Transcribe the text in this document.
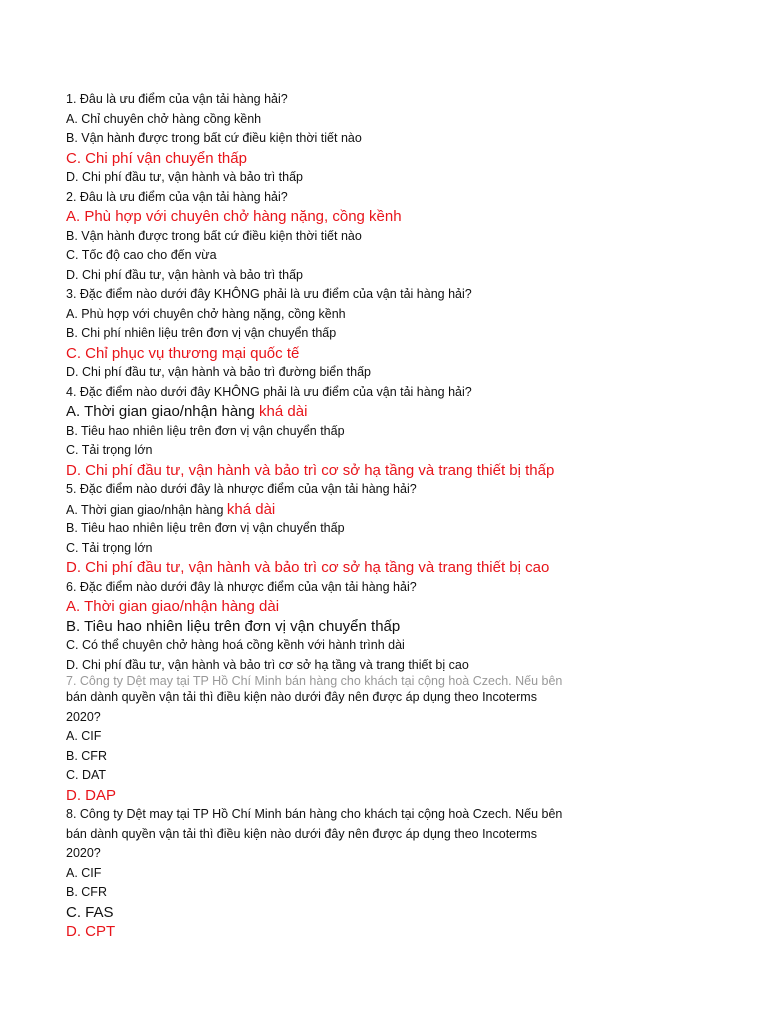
1. Đâu là ưu điểm của vận tải hàng hải?

A. Chỉ chuyên chở hàng cồng kềnh

B. Vận hành được trong bất cứ điều kiện thời tiết nào

C. Chi phí vận chuyển thấp

D. Chi phí đầu tư, vận hành và bảo trì thấp

2. Đâu là ưu điểm của vận tải hàng hải?

A. Phù hợp với chuyên chở hàng nặng, cồng kềnh

B. Vận hành được trong bất cứ điều kiện thời tiết nào

C. Tốc độ cao cho đến vừa

D. Chi phí đầu tư, vận hành và bảo trì thấp

3. Đặc điểm nào dưới đây KHÔNG phải là ưu điểm của vận tải hàng hải?

A. Phù hợp với chuyên chở hàng nặng, cồng kềnh

B. Chi phí nhiên liệu trên đơn vị vận chuyển thấp

C. Chỉ phục vụ thương mại quốc tế

D. Chi phí đầu tư, vận hành và bảo trì đường biển thấp

4. Đặc điểm nào dưới đây KHÔNG phải là ưu điểm của vận tải hàng hải?

A. Thời gian giao/nhận hàng khá dài

B. Tiêu hao nhiên liệu trên đơn vị vận chuyển thấp

C. Tải trọng lớn

D. Chi phí đầu tư, vận hành và bảo trì cơ sở hạ tầng và trang thiết bị thấp

5. Đặc điểm nào dưới đây là nhược điểm của vận tải hàng hải?

A. Thời gian giao/nhận hàng khá dài

B. Tiêu hao nhiên liệu trên đơn vị vận chuyển thấp

C. Tải trọng lớn

D. Chi phí đầu tư, vận hành và bảo trì cơ sở hạ tầng và trang thiết bị cao

6. Đặc điểm nào dưới đây là nhược điểm của vận tải hàng hải?

A. Thời gian giao/nhận hàng dài

B. Tiêu hao nhiên liệu trên đơn vị vận chuyển thấp

C. Có thể chuyên chở hàng hoá cồng kềnh với hành trình dài

D. Chi phí đầu tư, vận hành và bảo trì cơ sở hạ tầng và trang thiết bị cao

7. Công ty Dệt may tại TP Hồ Chí Minh bán hàng cho khách tại cộng hoà Czech. Nếu bên

bán dành quyền vận tải thì điều kiện nào dưới đây nên được áp dụng theo Incoterms

2020?

A. CIF

B. CFR

C. DAT

D. DAP

8. Công ty Dệt may tại TP Hồ Chí Minh bán hàng cho khách tại cộng hoà Czech. Nếu bên

bán dành quyền vận tải thì điều kiện nào dưới đây nên được áp dụng theo Incoterms

2020?

A. CIF

B. CFR

C. FAS

D. CPT
